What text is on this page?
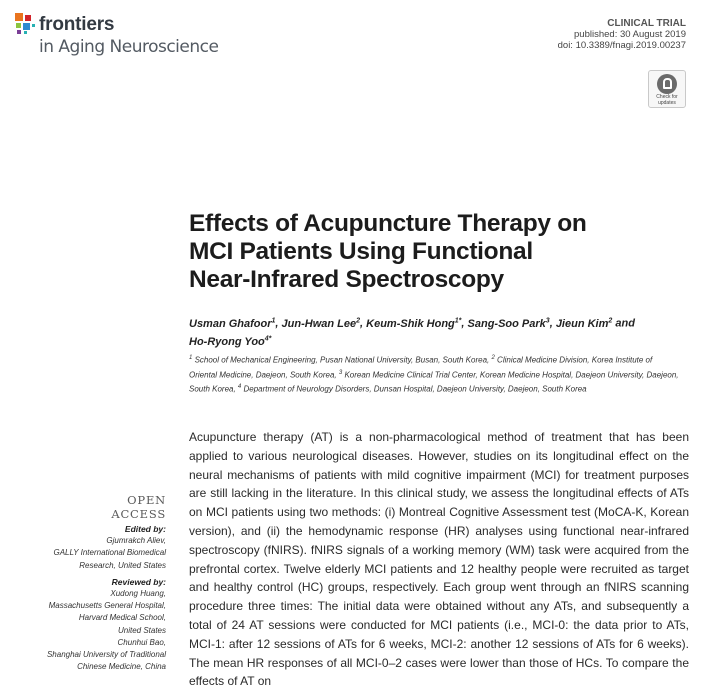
frontiers
in Aging Neuroscience
CLINICAL TRIAL
published: 30 August 2019
doi: 10.3389/fnagi.2019.00237
Check for
updates
Effects of Acupuncture Therapy on
MCI Patients Using Functional
Near-Infrared Spectroscopy
Usman Ghafoor$^1$, Jun-Hwan Lee$^2$, Keum-Shik Hong$^{1*}$, Sang-Soo Park$^3$, Jieun Kim$^2$ and Ho-Ryong Yoo$^{4*}$
$^1$ School of Mechanical Engineering, Pusan National University, Busan, South Korea, $^2$ Clinical Medicine Division, Korea Institute of Oriental Medicine, Daejeon, South Korea, $^3$ Korean Medicine Clinical Trial Center, Korean Medicine Hospital, Daejeon University, Daejeon, South Korea, $^4$ Department of Neurology Disorders, Dunsan Hospital, Daejeon University, Daejeon, South Korea

Acupuncture therapy (AT) is a non-pharmacological method of treatment that has been applied to various neurological diseases. However, studies on its longitudinal effect on the neural mechanisms of patients with mild cognitive impairment (MCI) for treatment purposes are still lacking in the literature. In this clinical study, we assess the longitudinal effects of ATs on MCI patients using two methods: (i) Montreal Cognitive Assessment test (MoCA-K, Korean version), and (ii) the hemodynamic response (HR) analyses using functional near-infrared spectroscopy (fNIRS). fNIRS signals of a working memory (WM) task were acquired from the prefrontal cortex. Twelve elderly MCI patients and 12 healthy people were recruited as target and healthy control (HC) groups, respectively. Each group went through an fNIRS scanning procedure three times: The initial data were obtained without any ATs, and subsequently a total of 24 AT sessions were conducted for MCI patients (i.e., MCI-0: the data prior to ATs, MCI-1: after 12 sessions of ATs for 6 weeks, MCI-2: another 12 sessions of ATs for 6 weeks). The mean HR responses of all MCI-0–2 cases were lower than those of HCs. To compare the effects of AT on

OPEN ACCESS
Edited by:
Gjumrakch Aliev,
GALLY International Biomedical
Research, United States
Reviewed by:
Xudong Huang,
Massachusetts General Hospital,
Harvard Medical School,
United States
Chunhui Bao,
Shanghai University of Traditional
Chinese Medicine, China
